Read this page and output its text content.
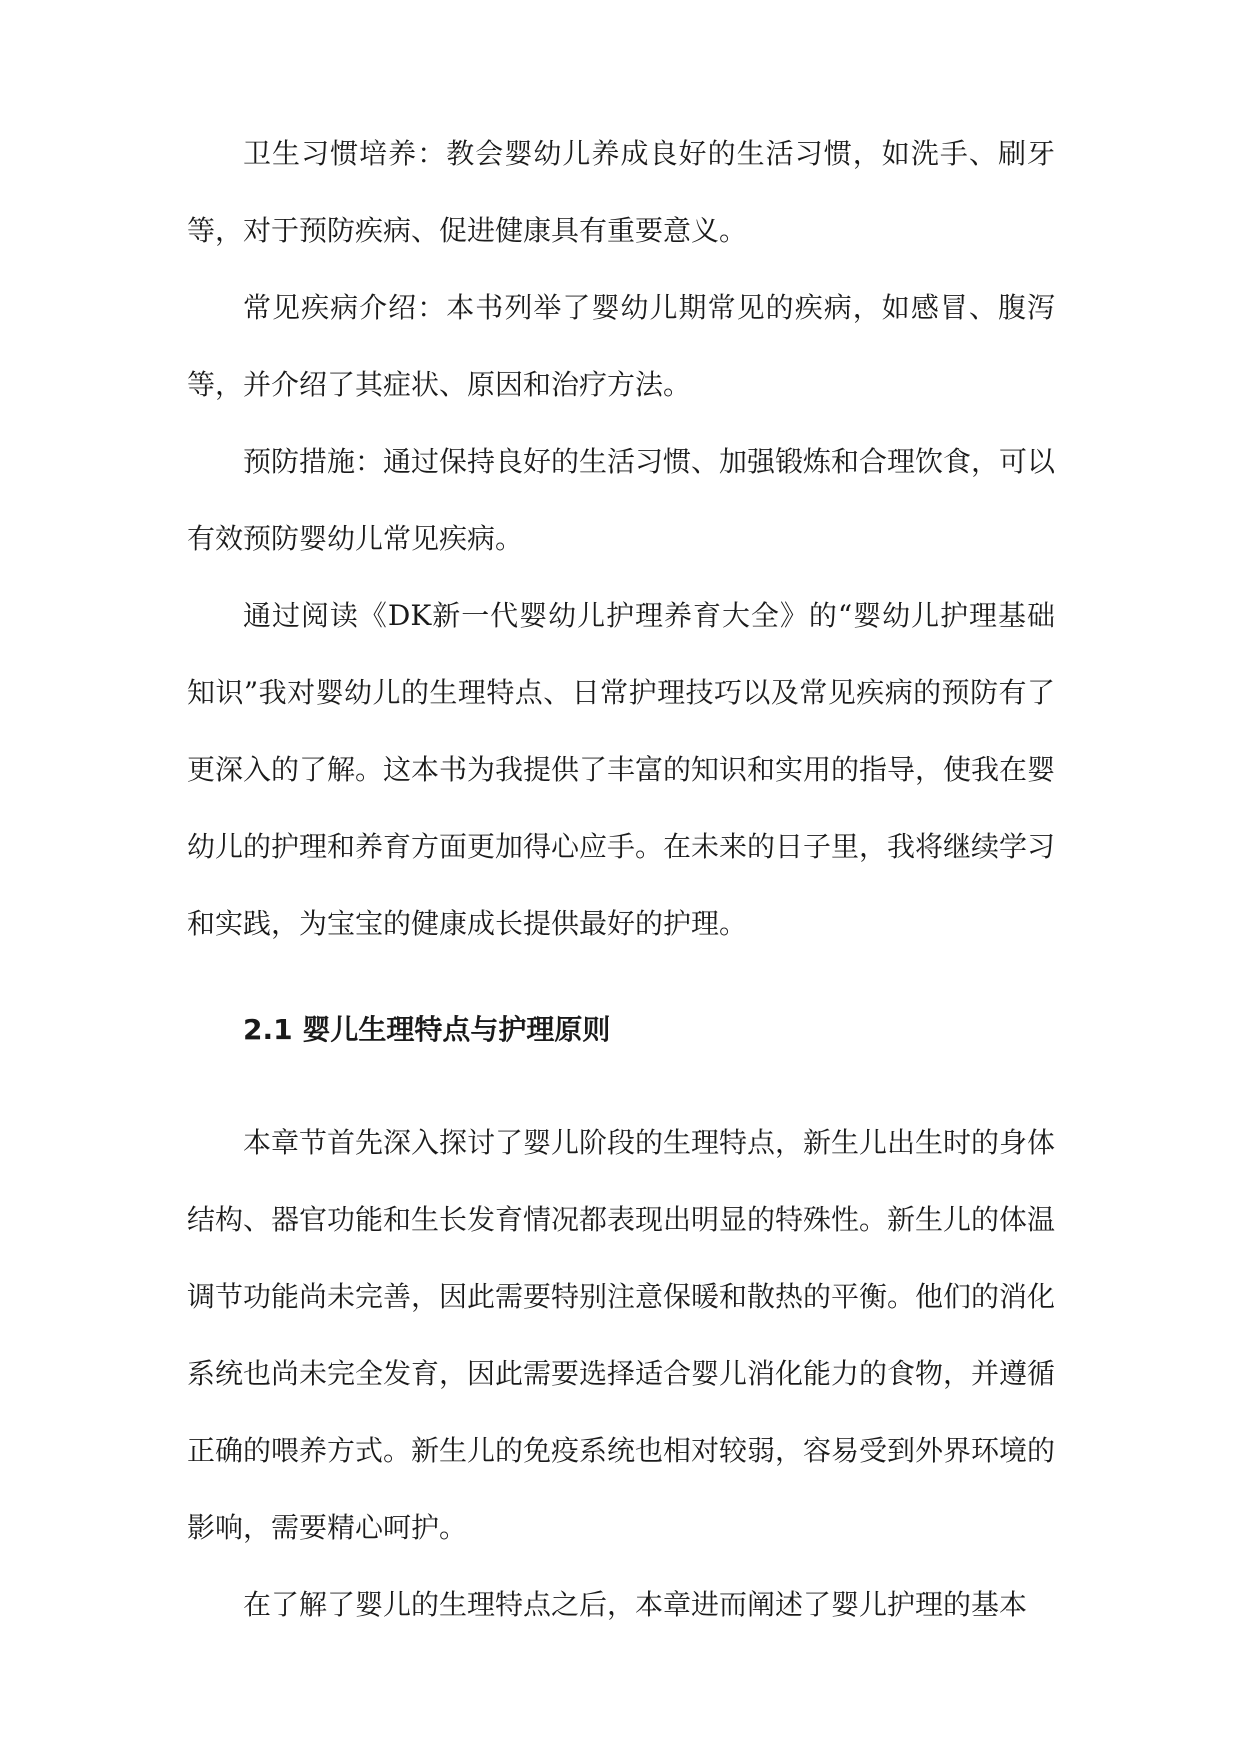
卫生习惯培养：教会婴幼儿养成良好的生活习惯，如洗手、刷牙等，对于预防疾病、促进健康具有重要意义。

常见疾病介绍：本书列举了婴幼儿期常见的疾病，如感冒、腹泻等，并介绍了其症状、原因和治疗方法。

预防措施：通过保持良好的生活习惯、加强锻炼和合理饮食，可以有效预防婴幼儿常见疾病。

通过阅读《DK新一代婴幼儿护理养育大全》的“婴幼儿护理基础知识”我对婴幼儿的生理特点、日常护理技巧以及常见疾病的预防有了更深入的了解。这本书为我提供了丰富的知识和实用的指导，使我在婴幼儿的护理和养育方面更加得心应手。在未来的日子里，我将继续学习和实践，为宝宝的健康成长提供最好的护理。

2.1 婴儿生理特点与护理原则

本章节首先深入探讨了婴儿阶段的生理特点，新生儿出生时的身体结构、器官功能和生长发育情况都表现出明显的特殊性。新生儿的体温调节功能尚未完善，因此需要特别注意保暖和散热的平衡。他们的消化系统也尚未完全发育，因此需要选择适合婴儿消化能力的食物，并遵循正确的喂养方式。新生儿的免疫系统也相对较弱，容易受到外界环境的影响，需要精心呵护。

在了解了婴儿的生理特点之后，本章进而阐述了婴儿护理的基本
